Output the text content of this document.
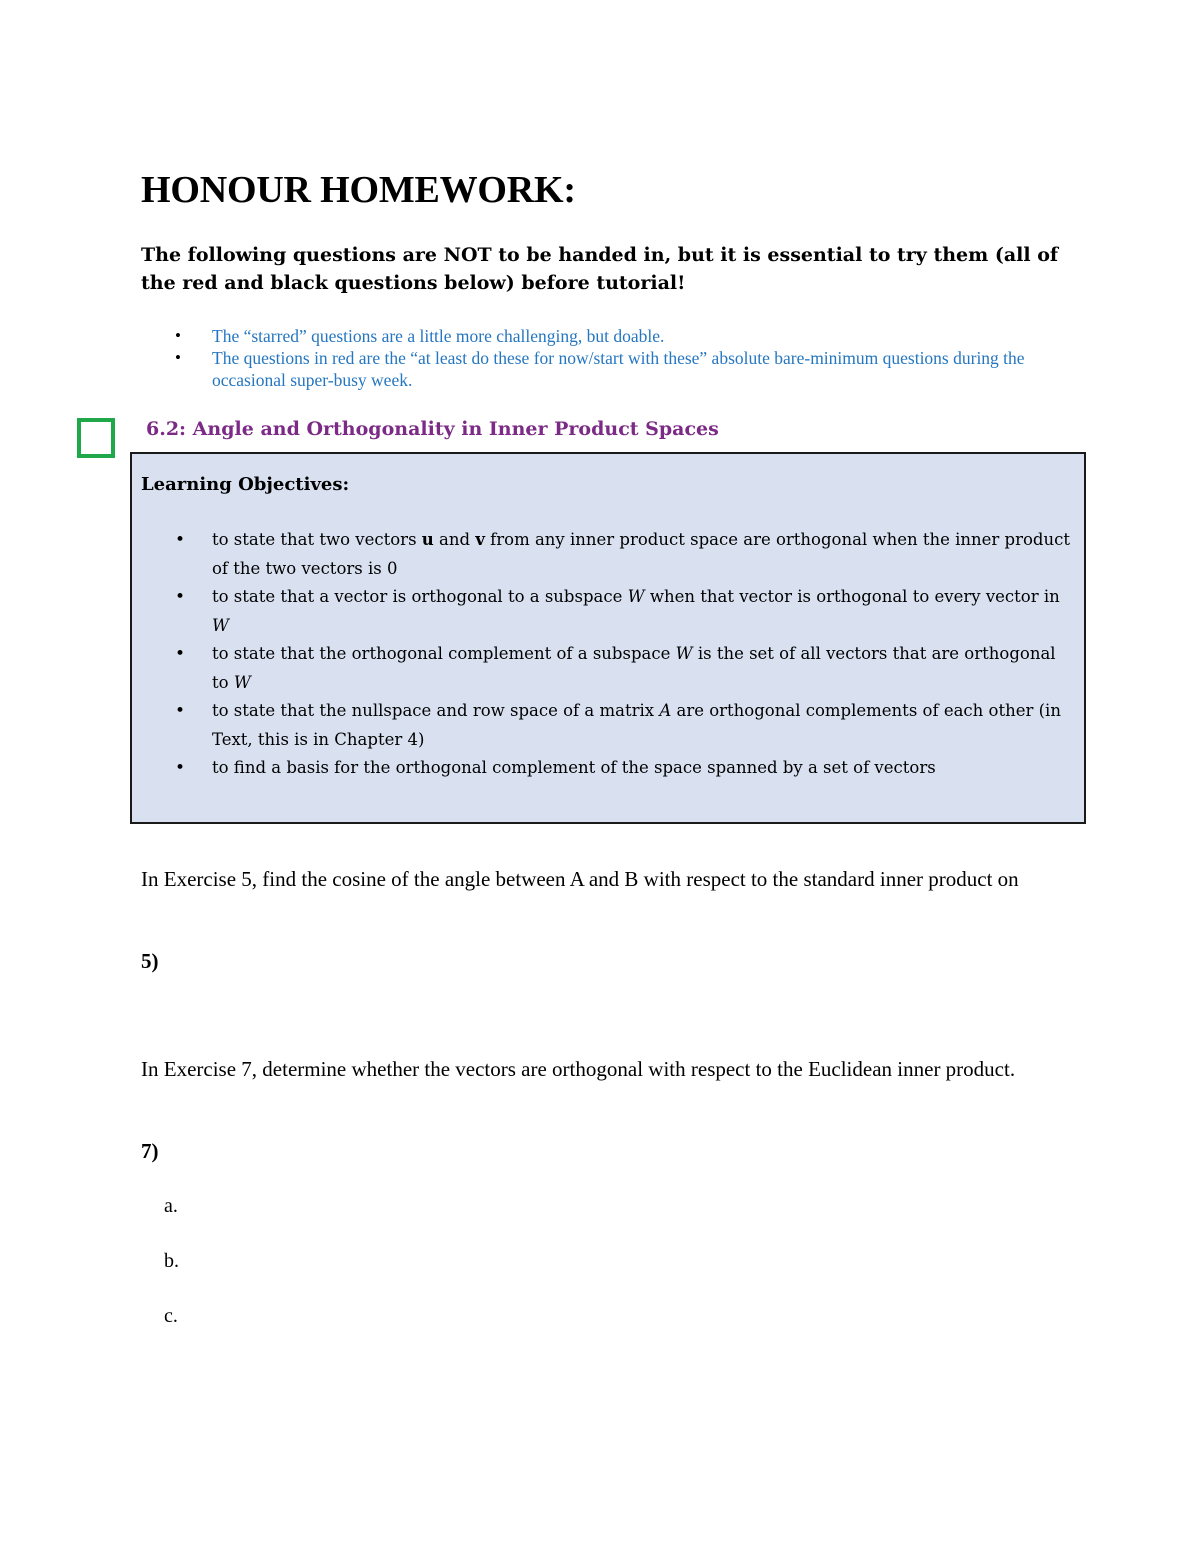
HONOUR HOMEWORK:
The following questions are NOT to be handed in, but it is essential to try them (all of the red and black questions below) before tutorial!
• The “starred” questions are a little more challenging, but doable.
• The questions in red are the “at least do these for now/start with these” absolute bare-minimum questions during the occasional super-busy week.
6.2: Angle and Orthogonality in Inner Product Spaces
Learning Objectives:
• to state that two vectors u and v from any inner product space are orthogonal when the inner product of the two vectors is 0
• to state that a vector is orthogonal to a subspace W when that vector is orthogonal to every vector in W
• to state that the orthogonal complement of a subspace W is the set of all vectors that are orthogonal to W
• to state that the nullspace and row space of a matrix A are orthogonal complements of each other (in Text, this is in Chapter 4)
• to find a basis for the orthogonal complement of the space spanned by a set of vectors
In Exercise 5, find the cosine of the angle between A and B with respect to the standard inner product on
5)
In Exercise 7, determine whether the vectors are orthogonal with respect to the Euclidean inner product.
7)
a.
b.
c.
